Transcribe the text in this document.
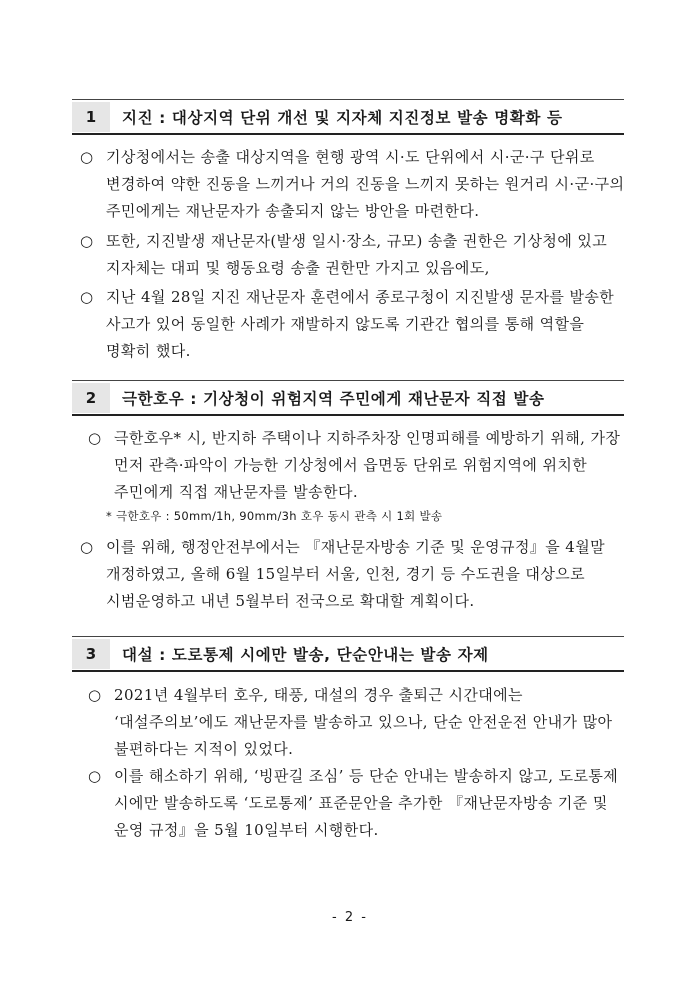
1	지진 : 대상지역 단위 개선 및 지자체 지진정보 발송 명확화 등
○ 기상청에서는 송출 대상지역을 현행 광역 시·도 단위에서 시·군·구 단위로 변경하여 약한 진동을 느끼거나 거의 진동을 느끼지 못하는 원거리 시·군·구의 주민에게는 재난문자가 송출되지 않는 방안을 마련한다.
○ 또한, 지진발생 재난문자(발생 일시·장소, 규모) 송출 권한은 기상청에 있고 지자체는 대피 및 행동요령 송출 권한만 가지고 있음에도,
○ 지난 4월 28일 지진 재난문자 훈련에서 종로구청이 지진발생 문자를 발송한 사고가 있어 동일한 사례가 재발하지 않도록 기관간 협의를 통해 역할을 명확히 했다.
2	극한호우 : 기상청이 위험지역 주민에게 재난문자 직접 발송
○ 극한호우* 시, 반지하 주택이나 지하주차장 인명피해를 예방하기 위해, 가장 먼저 관측·파악이 가능한 기상청에서 읍면동 단위로 위험지역에 위치한 주민에게 직접 재난문자를 발송한다.
* 극한호우 : 50mm/1h, 90mm/3h 호우 동시 관측 시 1회 발송
○ 이를 위해, 행정안전부에서는 『재난문자방송 기준 및 운영규정』을 4월말 개정하였고, 올해 6월 15일부터 서울, 인천, 경기 등 수도권을 대상으로 시범운영하고 내년 5월부터 전국으로 확대할 계획이다.
3	대설 : 도로통제 시에만 발송, 단순안내는 발송 자제
○ 2021년 4월부터 호우, 태풍, 대설의 경우 출퇴근 시간대에는 ‘대설주의보’에도 재난문자를 발송하고 있으나, 단순 안전운전 안내가 많아 불편하다는 지적이 있었다.
○ 이를 해소하기 위해, ‘빙판길 조심’ 등 단순 안내는 발송하지 않고, 도로통제 시에만 발송하도록 ‘도로통제’ 표준문안을 추가한 『재난문자방송 기준 및 운영 규정』을 5월 10일부터 시행한다.
- 2 -
